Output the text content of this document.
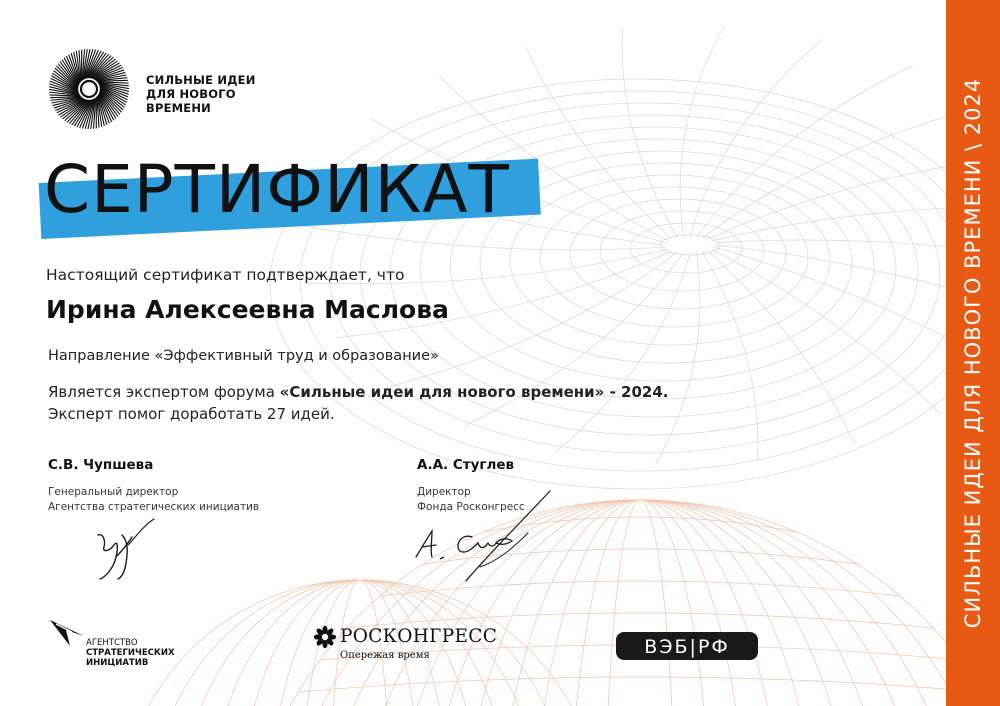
СИЛЬНЫЕ ИДЕИ ДЛЯ НОВОГО ВРЕМЕНИ \ 2024
СИЛЬНЫЕ ИДЕИ
ДЛЯ НОВОГО
ВРЕМЕНИ
СЕРТИФИКАТ
Настоящий сертификат подтверждает, что
Ирина Алексеевна Маслова
Направление «Эффективный труд и образование»
Является экспертом форума «Сильные идеи для нового времени» - 2024.
Эксперт помог доработать 27 идей.
С.В. Чупшева
Генеральный директор
Агентства стратегических инициатив
А.А. Стуглев
Директор
Фонда Росконгресс
АГЕНТСТВО
СТРАТЕГИЧЕСКИХ
ИНИЦИАТИВ
РОСКОНГРЕСС
Опережая время	ВЭБ|РФ
